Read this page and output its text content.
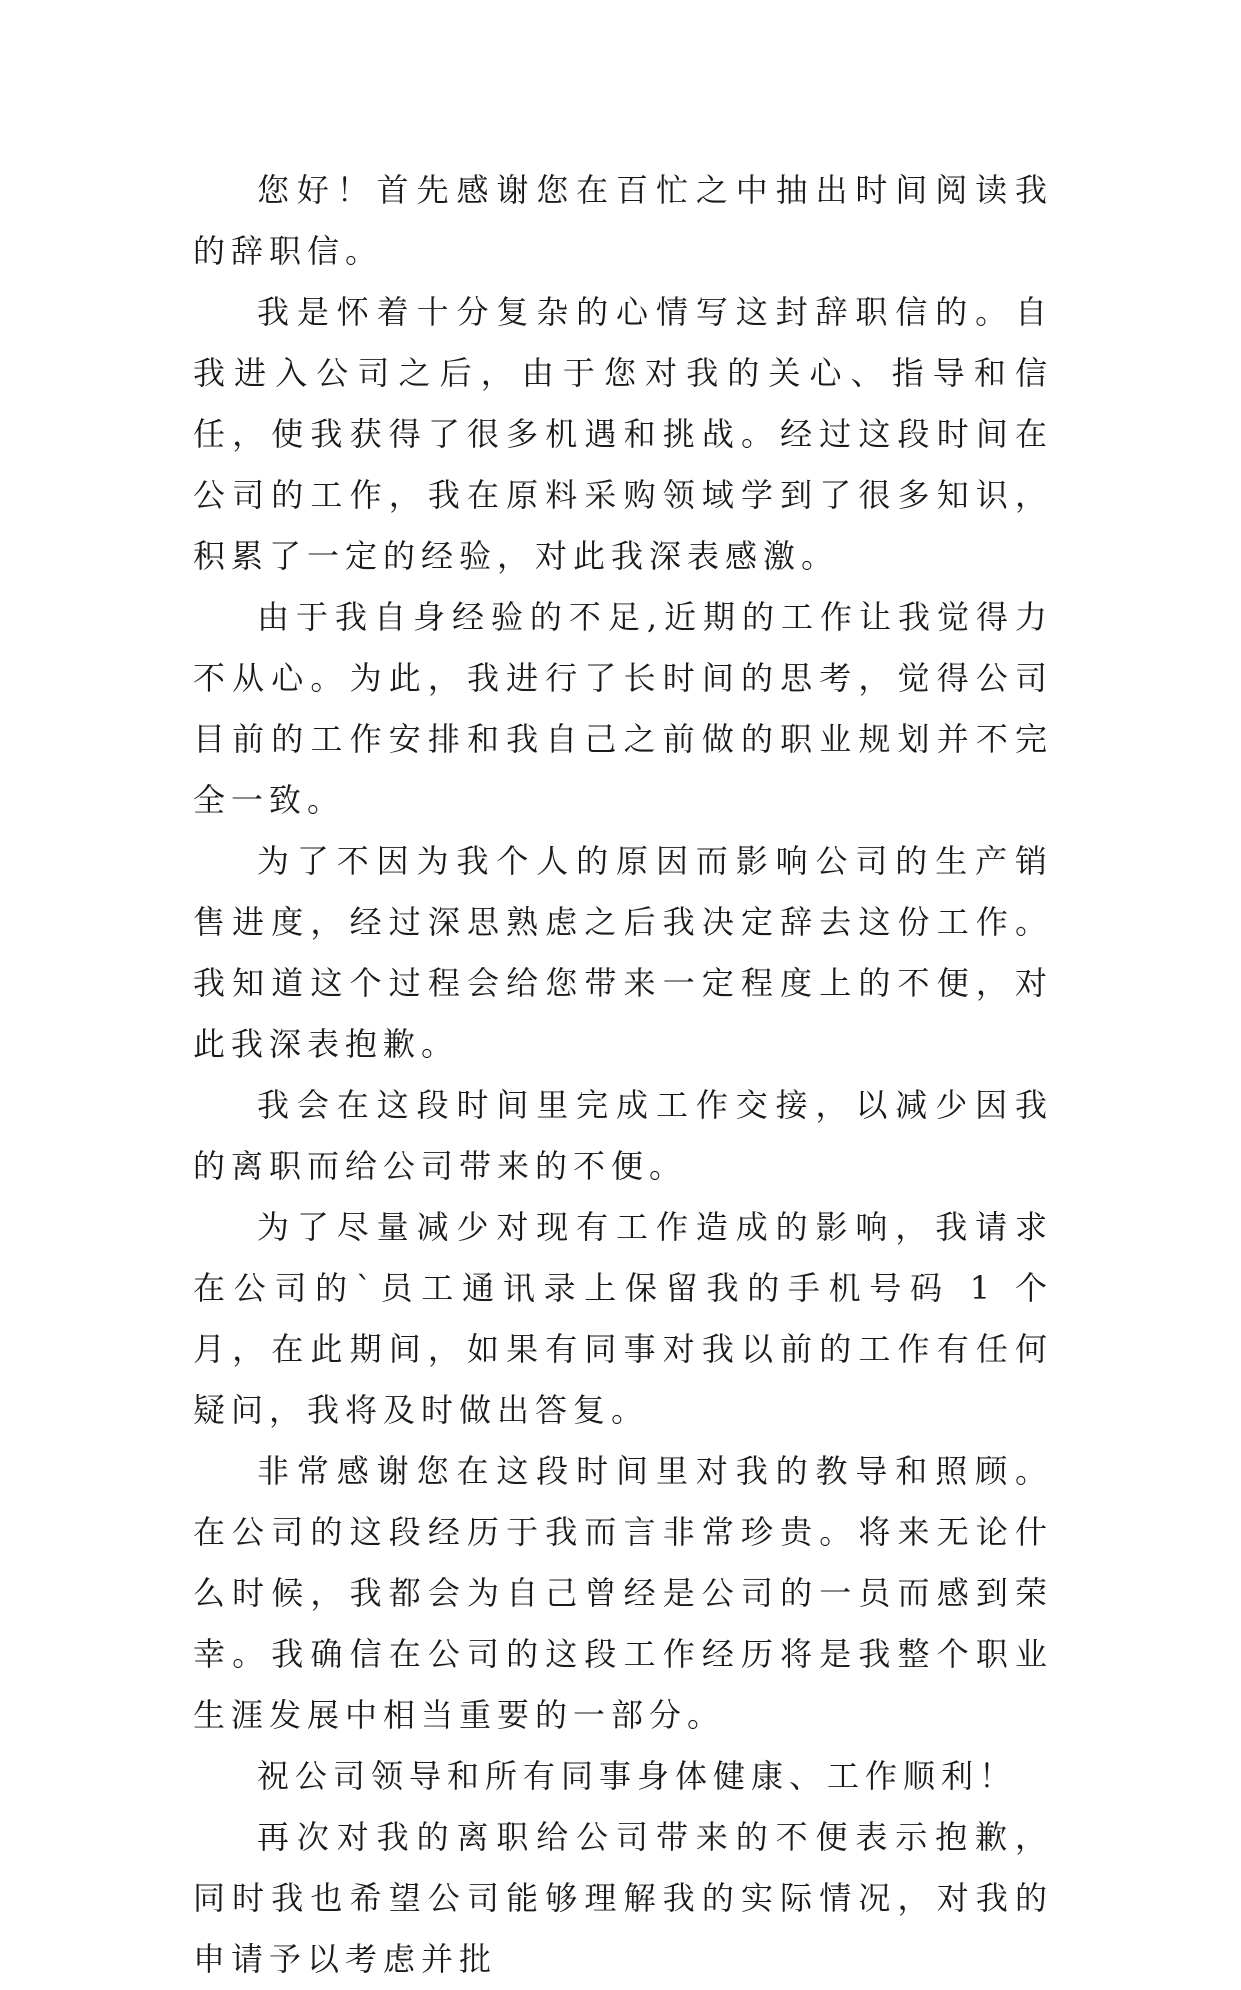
您好！首先感谢您在百忙之中抽出时间阅读我的辞职信。

我是怀着十分复杂的心情写这封辞职信的。自我进入公司之后，由于您对我的关心、指导和信任，使我获得了很多机遇和挑战。经过这段时间在公司的工作，我在原料采购领域学到了很多知识，积累了一定的经验，对此我深表感激。

由于我自身经验的不足,近期的工作让我觉得力不从心。为此，我进行了长时间的思考，觉得公司目前的工作安排和我自己之前做的职业规划并不完全一致。

为了不因为我个人的原因而影响公司的生产销售进度，经过深思熟虑之后我决定辞去这份工作。我知道这个过程会给您带来一定程度上的不便，对此我深表抱歉。

我会在这段时间里完成工作交接，以减少因我的离职而给公司带来的不便。

为了尽量减少对现有工作造成的影响，我请求在公司的`员工通讯录上保留我的手机号码 1 个月，在此期间，如果有同事对我以前的工作有任何疑问，我将及时做出答复。

非常感谢您在这段时间里对我的教导和照顾。在公司的这段经历于我而言非常珍贵。将来无论什么时候，我都会为自己曾经是公司的一员而感到荣幸。我确信在公司的这段工作经历将是我整个职业生涯发展中相当重要的一部分。

祝公司领导和所有同事身体健康、工作顺利！

再次对我的离职给公司带来的不便表示抱歉，同时我也希望公司能够理解我的实际情况，对我的申请予以考虑并批
